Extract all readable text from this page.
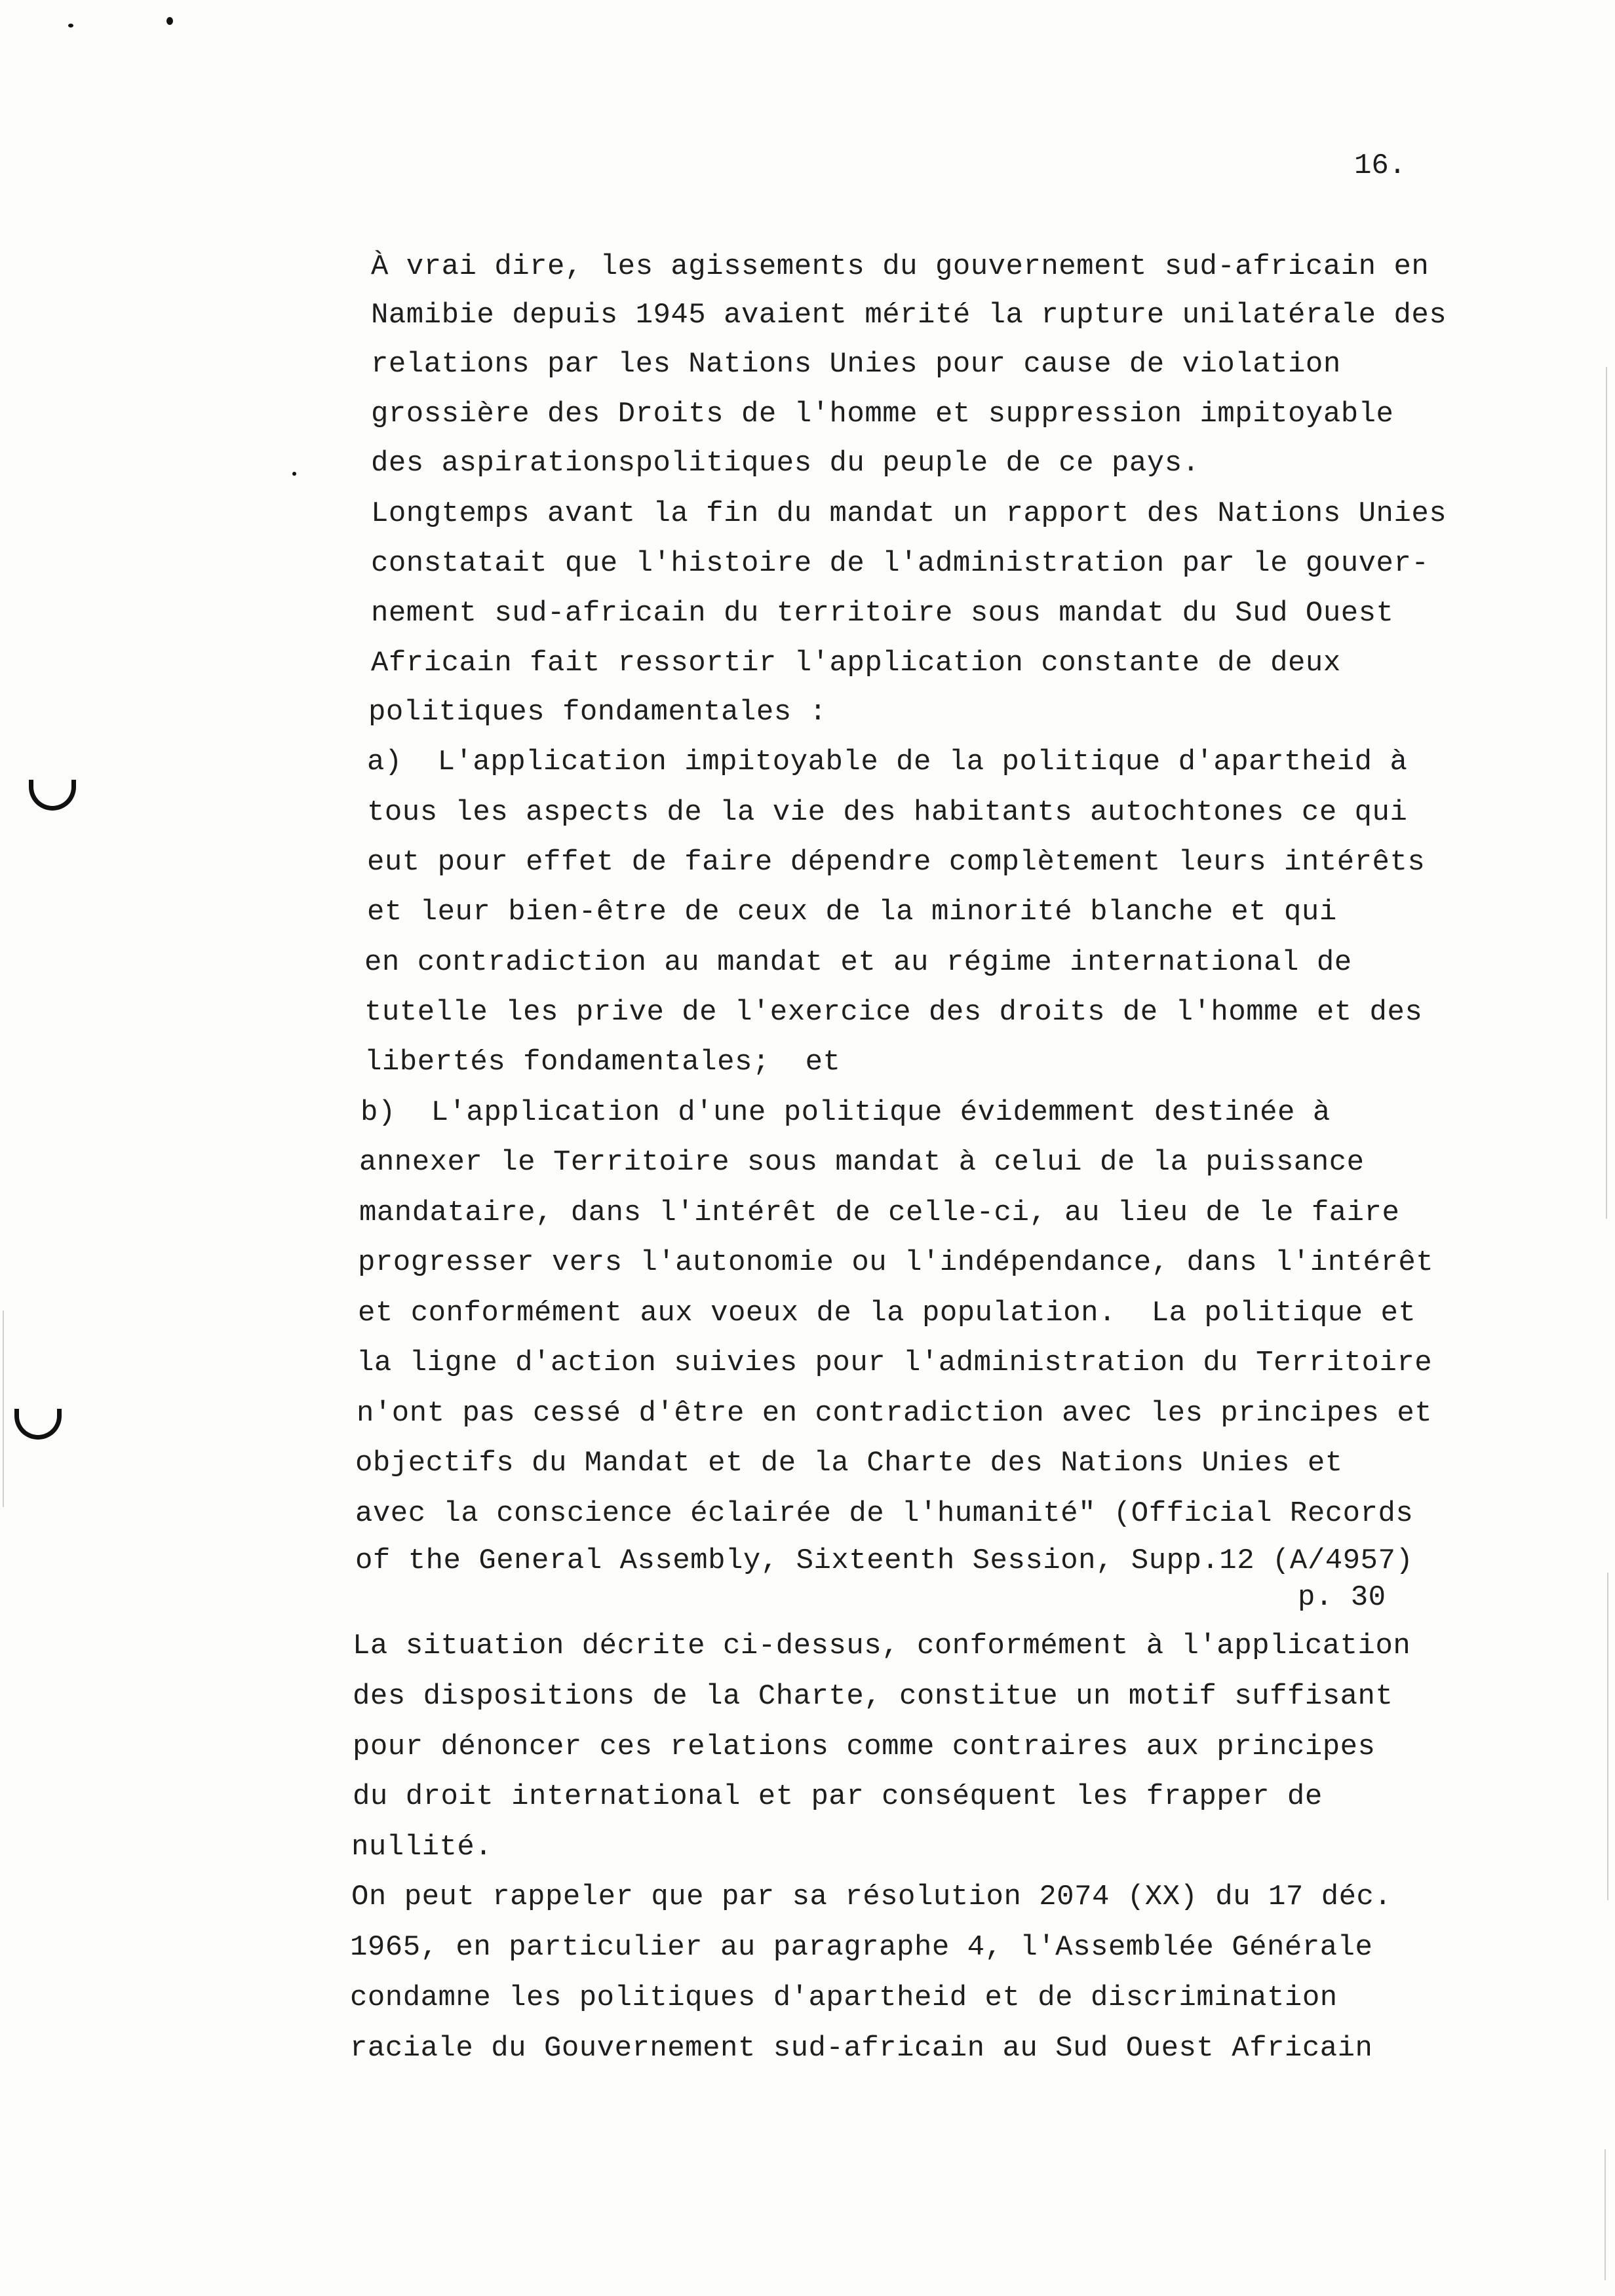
16.
À vrai dire, les agissements du gouvernement sud-africain en
Namibie depuis 1945 avaient mérité la rupture unilatérale des
relations par les Nations Unies pour cause de violation
grossière des Droits de l'homme et suppression impitoyable
des aspirationspolitiques du peuple de ce pays.
Longtemps avant la fin du mandat un rapport des Nations Unies
constatait que l'histoire de l'administration par le gouver-
nement sud-africain du territoire sous mandat du Sud Ouest
Africain fait ressortir l'application constante de deux
politiques fondamentales :
a)  L'application impitoyable de la politique d'apartheid à
tous les aspects de la vie des habitants autochtones ce qui
eut pour effet de faire dépendre complètement leurs intérêts
et leur bien-être de ceux de la minorité blanche et qui
en contradiction au mandat et au régime international de
tutelle les prive de l'exercice des droits de l'homme et des
libertés fondamentales;  et
b)  L'application d'une politique évidemment destinée à
annexer le Territoire sous mandat à celui de la puissance
mandataire, dans l'intérêt de celle-ci, au lieu de le faire
progresser vers l'autonomie ou l'indépendance, dans l'intérêt
et conformément aux voeux de la population.  La politique et
la ligne d'action suivies pour l'administration du Territoire
n'ont pas cessé d'être en contradiction avec les principes et
objectifs du Mandat et de la Charte des Nations Unies et
avec la conscience éclairée de l'humanité" (Official Records
of the General Assembly, Sixteenth Session, Supp.12 (A/4957)
p. 30
La situation décrite ci-dessus, conformément à l'application
des dispositions de la Charte, constitue un motif suffisant
pour dénoncer ces relations comme contraires aux principes
du droit international et par conséquent les frapper de
nullité.
On peut rappeler que par sa résolution 2074 (XX) du 17 déc.
1965, en particulier au paragraphe 4, l'Assemblée Générale
condamne les politiques d'apartheid et de discrimination
raciale du Gouvernement sud-africain au Sud Ouest Africain
